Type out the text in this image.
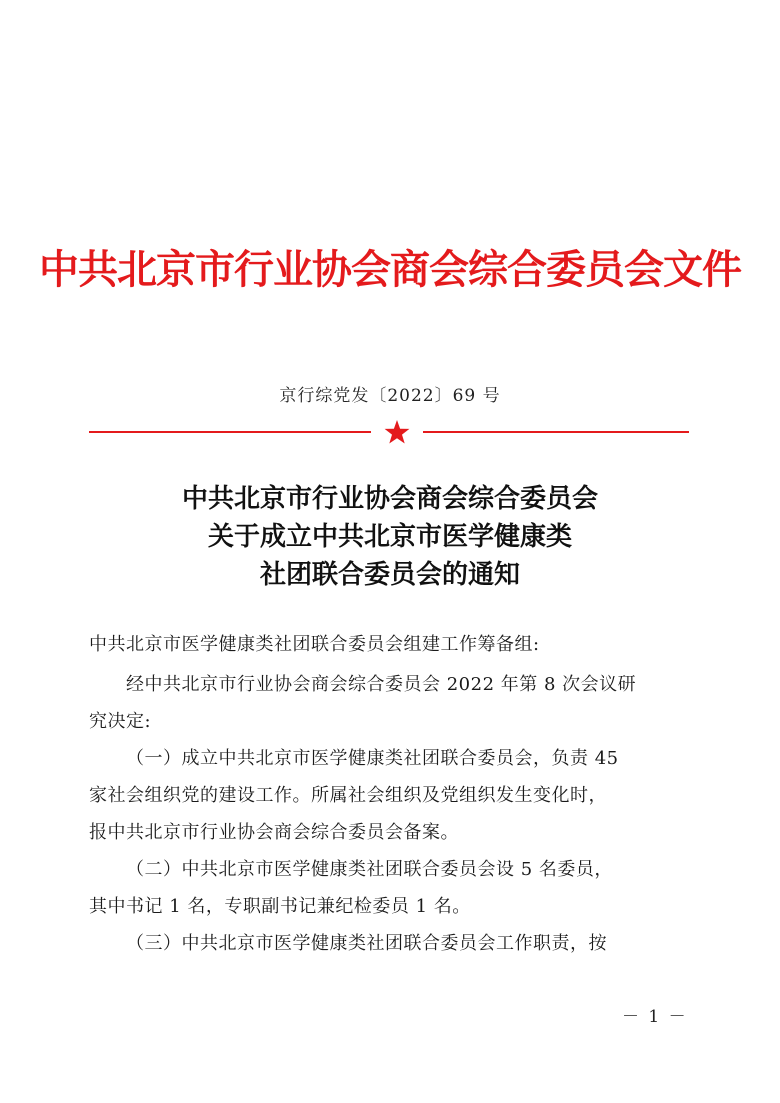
中共北京市行业协会商会综合委员会文件
京行综党发〔2022〕69 号
中共北京市行业协会商会综合委员会
关于成立中共北京市医学健康类
社团联合委员会的通知
中共北京市医学健康类社团联合委员会组建工作筹备组:
经中共北京市行业协会商会综合委员会 2022 年第 8 次会议研
究决定:
（一）成立中共北京市医学健康类社团联合委员会，负责 45
家社会组织党的建设工作。所属社会组织及党组织发生变化时，
报中共北京市行业协会商会综合委员会备案。
（二）中共北京市医学健康类社团联合委员会设 5 名委员，
其中书记 1 名，专职副书记兼纪检委员 1 名。
（三）中共北京市医学健康类社团联合委员会工作职责，按
－ 1 －
